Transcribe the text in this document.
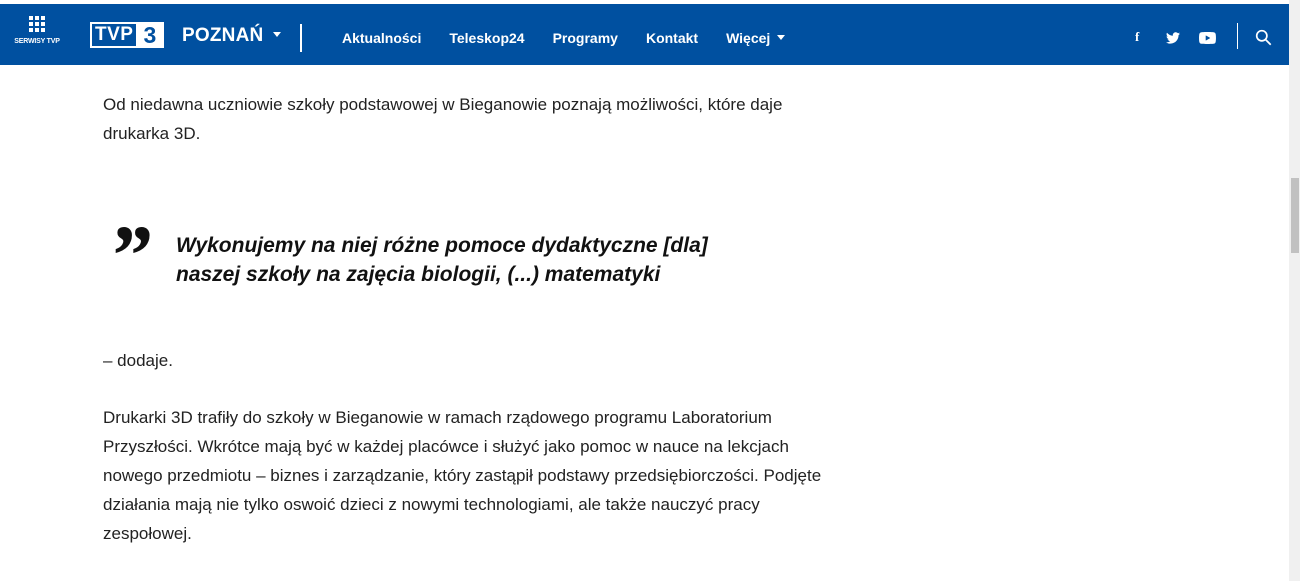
SERWISY TVP TVP 3	POZNAŃ	Aktualności Teleskop24 Programy Kontakt Więcej	f

Od niedawna uczniowie szkoły podstawowej w Bieganowie poznają możliwości, które daje drukarka 3D.

” Wykonujemy na niej różne pomoce dydaktyczne [dla] naszej szkoły na zajęcia biologii, (...) matematyki

– dodaje.

Drukarki 3D trafiły do szkoły w Bieganowie w ramach rządowego programu Laboratorium Przyszłości. Wkrótce mają być w każdej placówce i służyć jako pomoc w nauce na lekcjach nowego przedmiotu – biznes i zarządzanie, który zastąpił podstawy przedsiębiorczości. Podjęte działania mają nie tylko oswoić dzieci z nowymi technologiami, ale także nauczyć pracy zespołowej.
